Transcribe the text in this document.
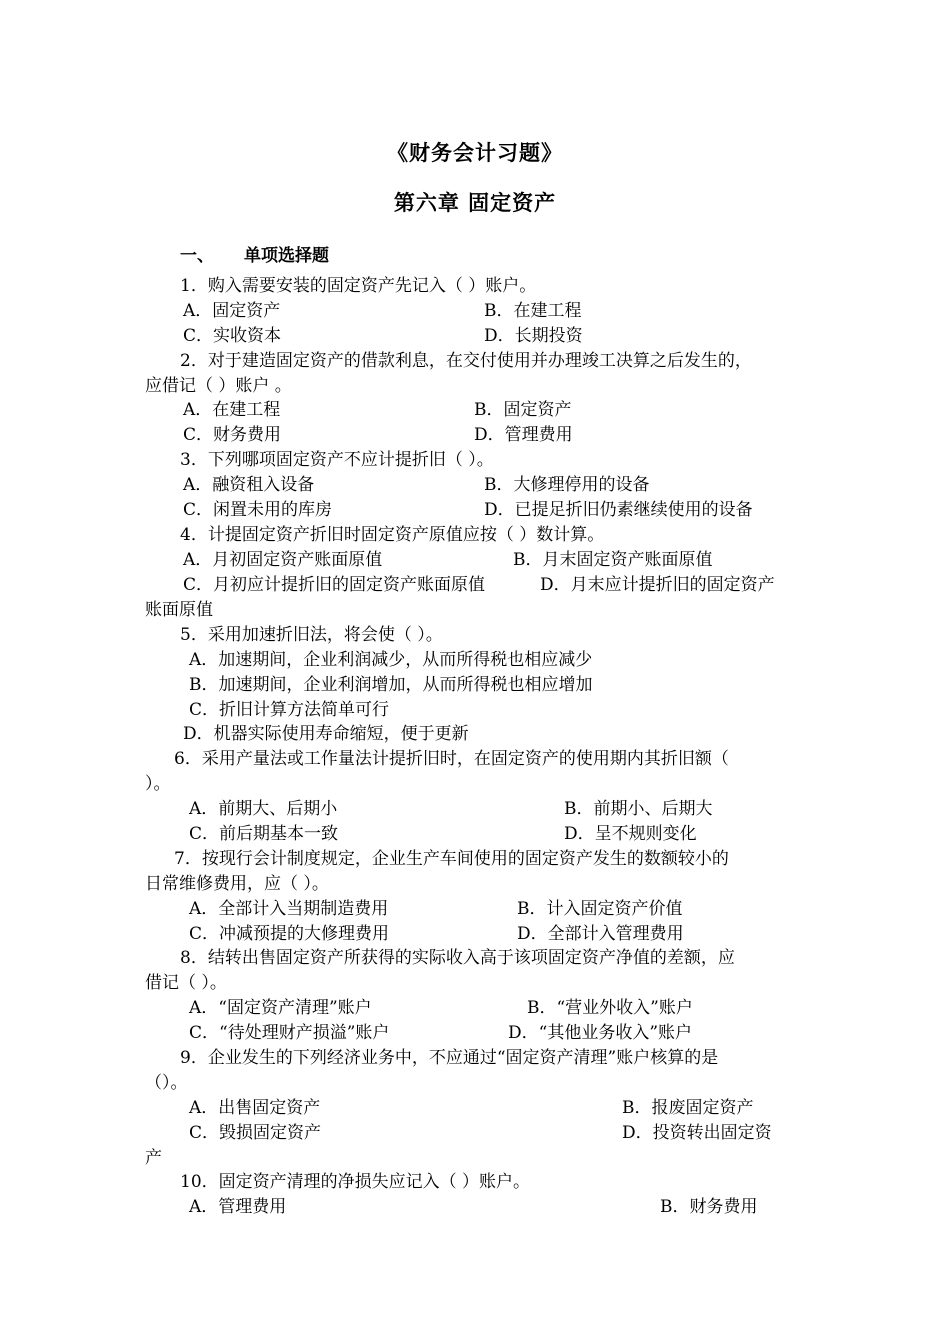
《财务会计习题》
第六章 固定资产
一、 单项选择题
1．购入需要安装的固定资产先记入（ ）账户。
A．固定资产	B．在建工程
C．实收资本	D．长期投资
2．对于建造固定资产的借款利息，在交付使用并办理竣工决算之后发生的，
应借记（ ）账户 。
A．在建工程	B．固定资产
C．财务费用	D．管理费用
3．下列哪项固定资产不应计提折旧（ ）。
A．融资租入设备	B．大修理停用的设备
C．闲置未用的库房	D．已提足折旧仍素继续使用的设备
4．计提固定资产折旧时固定资产原值应按（ ）数计算。
A．月初固定资产账面原值	B．月末固定资产账面原值
C．月初应计提折旧的固定资产账面原值	D．月末应计提折旧的固定资产
账面原值
5．采用加速折旧法，将会使（ ）。
A．加速期间，企业利润减少，从而所得税也相应减少
B．加速期间，企业利润增加，从而所得税也相应增加
C．折旧计算方法简单可行
D．机器实际使用寿命缩短，便于更新
6．采用产量法或工作量法计提折旧时，在固定资产的使用期内其折旧额（
）。
A．前期大、后期小	B．前期小、后期大
C．前后期基本一致	D．呈不规则变化
7．按现行会计制度规定，企业生产车间使用的固定资产发生的数额较小的
日常维修费用，应（ ）。
A．全部计入当期制造费用	B．计入固定资产价值
C．冲减预提的大修理费用	D．全部计入管理费用
8．结转出售固定资产所获得的实际收入高于该项固定资产净值的差额，应
借记（ ）。
A．“固定资产清理”账户	B．“营业外收入”账户
C．“待处理财产损溢”账户	D．“其他业务收入”账户
9．企业发生的下列经济业务中，不应通过“固定资产清理”账户核算的是
（）。
A．出售固定资产	B．报废固定资产
C．毁损固定资产	D．投资转出固定资
产
10．固定资产清理的净损失应记入（ ）账户。
A．管理费用	B．财务费用
